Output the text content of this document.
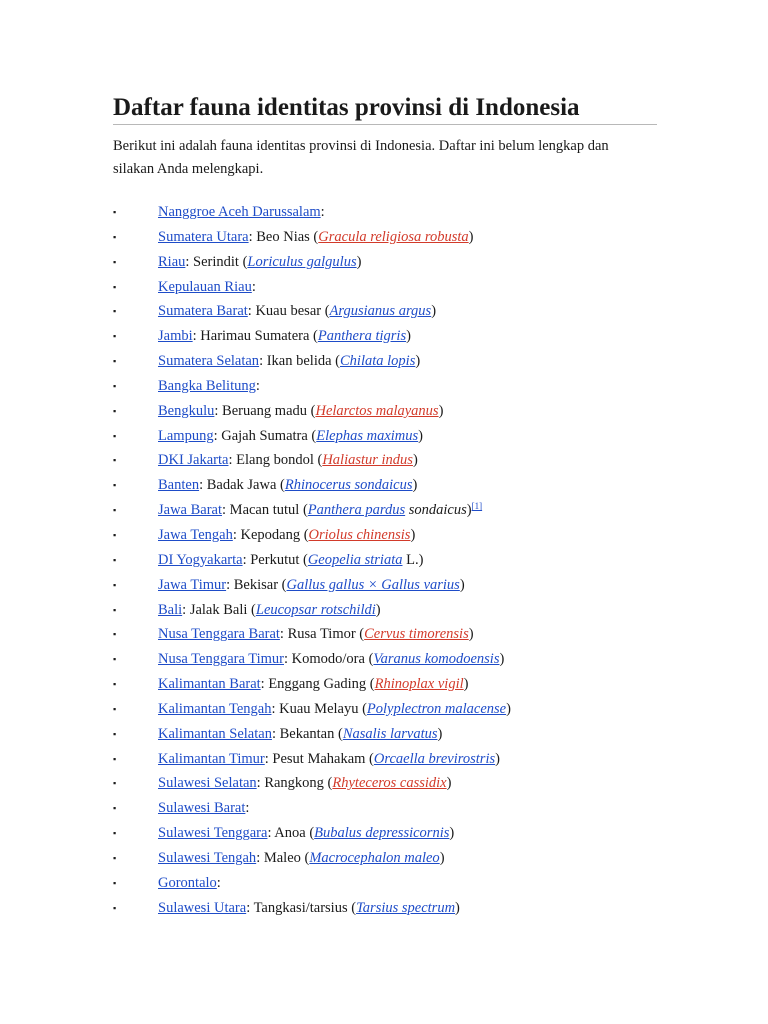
Daftar fauna identitas provinsi di Indonesia

Berikut ini adalah fauna identitas provinsi di Indonesia. Daftar ini belum lengkap dan silakan Anda melengkapi.

▪	Nanggroe Aceh Darussalam:
▪	Sumatera Utara: Beo Nias (Gracula religiosa robusta)
▪	Riau: Serindit (Loriculus galgulus)
▪	Kepulauan Riau:
▪	Sumatera Barat: Kuau besar (Argusianus argus)
▪	Jambi: Harimau Sumatera (Panthera tigris)
▪	Sumatera Selatan: Ikan belida (Chilata lopis)
▪	Bangka Belitung:
▪	Bengkulu: Beruang madu (Helarctos malayanus)
▪	Lampung: Gajah Sumatra (Elephas maximus)
▪	DKI Jakarta: Elang bondol (Haliastur indus)
▪	Banten: Badak Jawa (Rhinocerus sondaicus)
▪	Jawa Barat: Macan tutul (Panthera pardus sondaicus)[1]
▪	Jawa Tengah: Kepodang (Oriolus chinensis)
▪	DI Yogyakarta: Perkutut (Geopelia striata L.)
▪	Jawa Timur: Bekisar (Gallus gallus × Gallus varius)
▪	Bali: Jalak Bali (Leucopsar rotschildi)
▪	Nusa Tenggara Barat: Rusa Timor (Cervus timorensis)
▪	Nusa Tenggara Timur: Komodo/ora (Varanus komodoensis)
▪	Kalimantan Barat: Enggang Gading (Rhinoplax vigil)
▪	Kalimantan Tengah: Kuau Melayu (Polyplectron malacense)
▪	Kalimantan Selatan: Bekantan (Nasalis larvatus)
▪	Kalimantan Timur: Pesut Mahakam (Orcaella brevirostris)
▪	Sulawesi Selatan: Rangkong (Rhyteceros cassidix)
▪	Sulawesi Barat:
▪	Sulawesi Tenggara: Anoa (Bubalus depressicornis)
▪	Sulawesi Tengah: Maleo (Macrocephalon maleo)
▪	Gorontalo:
▪	Sulawesi Utara: Tangkasi/tarsius (Tarsius spectrum)
